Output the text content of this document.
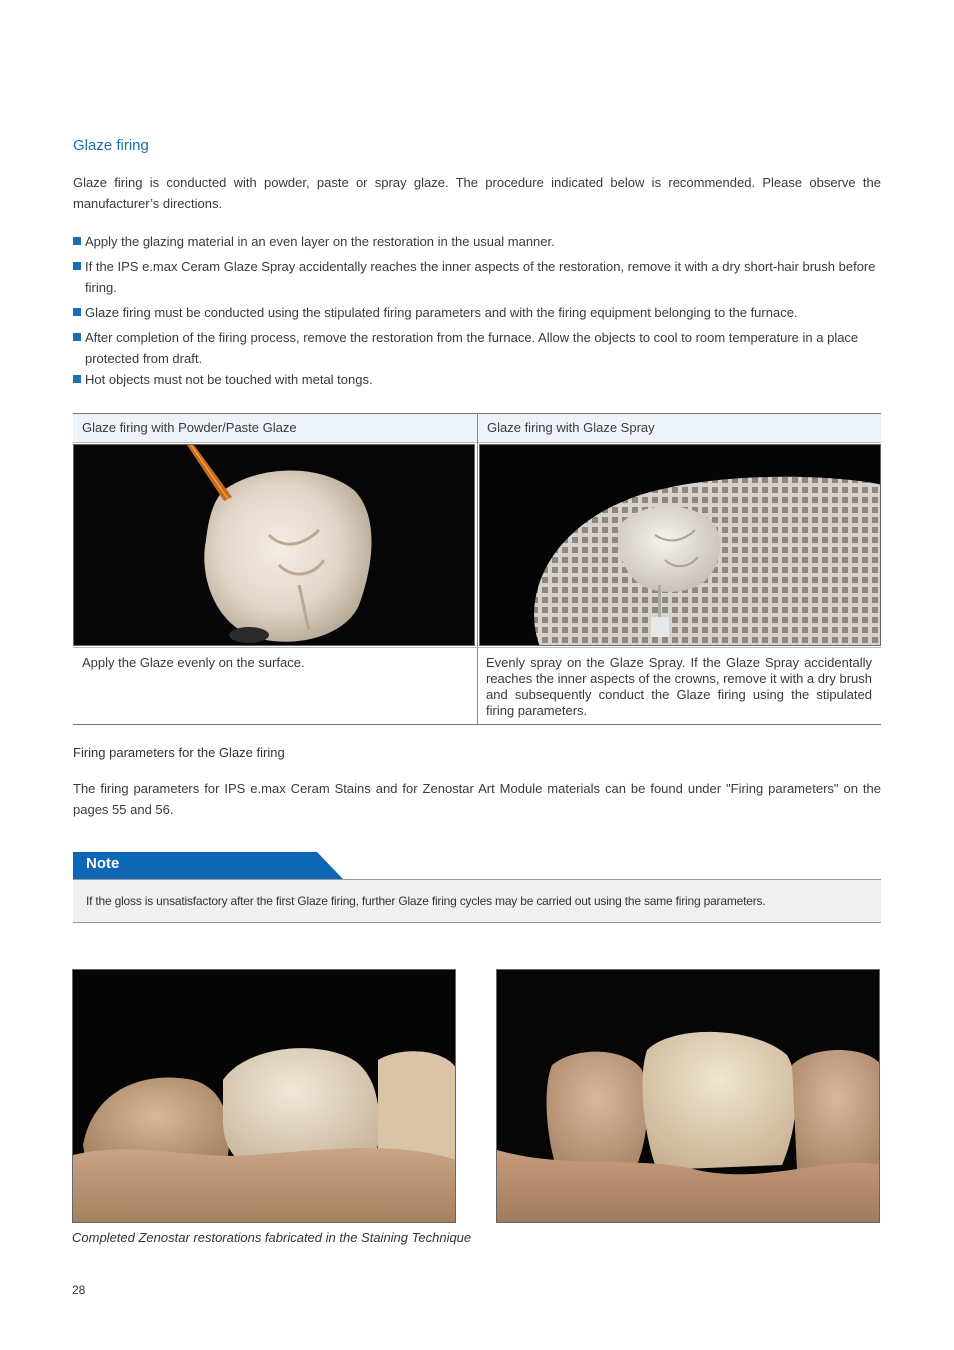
Glaze firing
Glaze firing is conducted with powder, paste or spray glaze. The procedure indicated below is recommended. Please observe the manufacturer’s directions.
Apply the glazing material in an even layer on the restoration in the usual manner.
If the IPS e.max Ceram Glaze Spray accidentally reaches the inner aspects of the restoration, remove it with a dry short-hair brush before firing.
Glaze firing must be conducted using the stipulated firing parameters and with the firing equipment belonging to the furnace.
After completion of the firing process, remove the restoration from the furnace. Allow the objects to cool to room temperature in a place protected from draft.
Hot objects must not be touched with metal tongs.
Glaze firing with Powder/Paste Glaze	Glaze firing with Glaze Spray
Apply the Glaze evenly on the surface.	Evenly spray on the Glaze Spray. If the Glaze Spray accidentally reaches the inner aspects of the crowns, remove it with a dry brush and subsequently conduct the Glaze firing using the stipulated firing parameters.
Firing parameters for the Glaze firing
The firing parameters for IPS e.max Ceram Stains and for Zenostar Art Module materials can be found under "Firing parameters" on the pages 55 and 56.
Note
If the gloss is unsatisfactory after the first Glaze firing, further Glaze firing cycles may be carried out using the same firing parameters.
Completed Zenostar restorations fabricated in the Staining Technique
28
